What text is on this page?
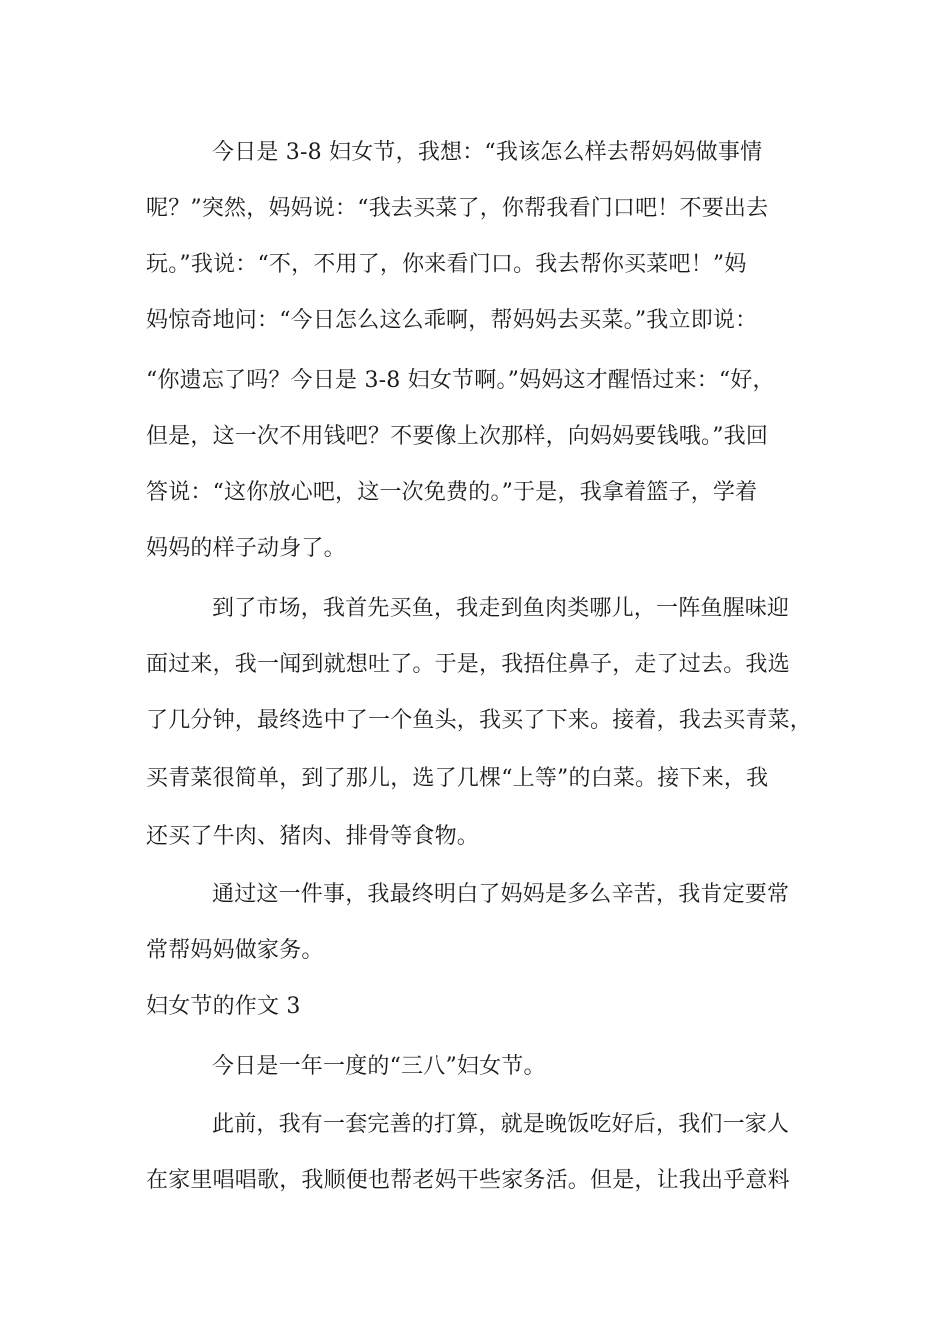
今日是 3-8 妇女节，我想：“我该怎么样去帮妈妈做事情
呢？”突然，妈妈说：“我去买菜了，你帮我看门口吧！不要出去
玩。”我说：“不，不用了，你来看门口。我去帮你买菜吧！”妈
妈惊奇地问：“今日怎么这么乖啊，帮妈妈去买菜。”我立即说：
“你遗忘了吗？今日是 3-8 妇女节啊。”妈妈这才醒悟过来：“好，
但是，这一次不用钱吧？不要像上次那样，向妈妈要钱哦。”我回
答说：“这你放心吧，这一次免费的。”于是，我拿着篮子，学着
妈妈的样子动身了。
到了市场，我首先买鱼，我走到鱼肉类哪儿，一阵鱼腥味迎
面过来，我一闻到就想吐了。于是，我捂住鼻子，走了过去。我选
了几分钟，最终选中了一个鱼头，我买了下来。接着，我去买青菜，
买青菜很简单，到了那儿，选了几棵“上等”的白菜。接下来，我
还买了牛肉、猪肉、排骨等食物。
通过这一件事，我最终明白了妈妈是多么辛苦，我肯定要常
常帮妈妈做家务。
妇女节的作文 3
今日是一年一度的“三八”妇女节。
此前，我有一套完善的打算，就是晚饭吃好后，我们一家人
在家里唱唱歌，我顺便也帮老妈干些家务活。但是，让我出乎意料
